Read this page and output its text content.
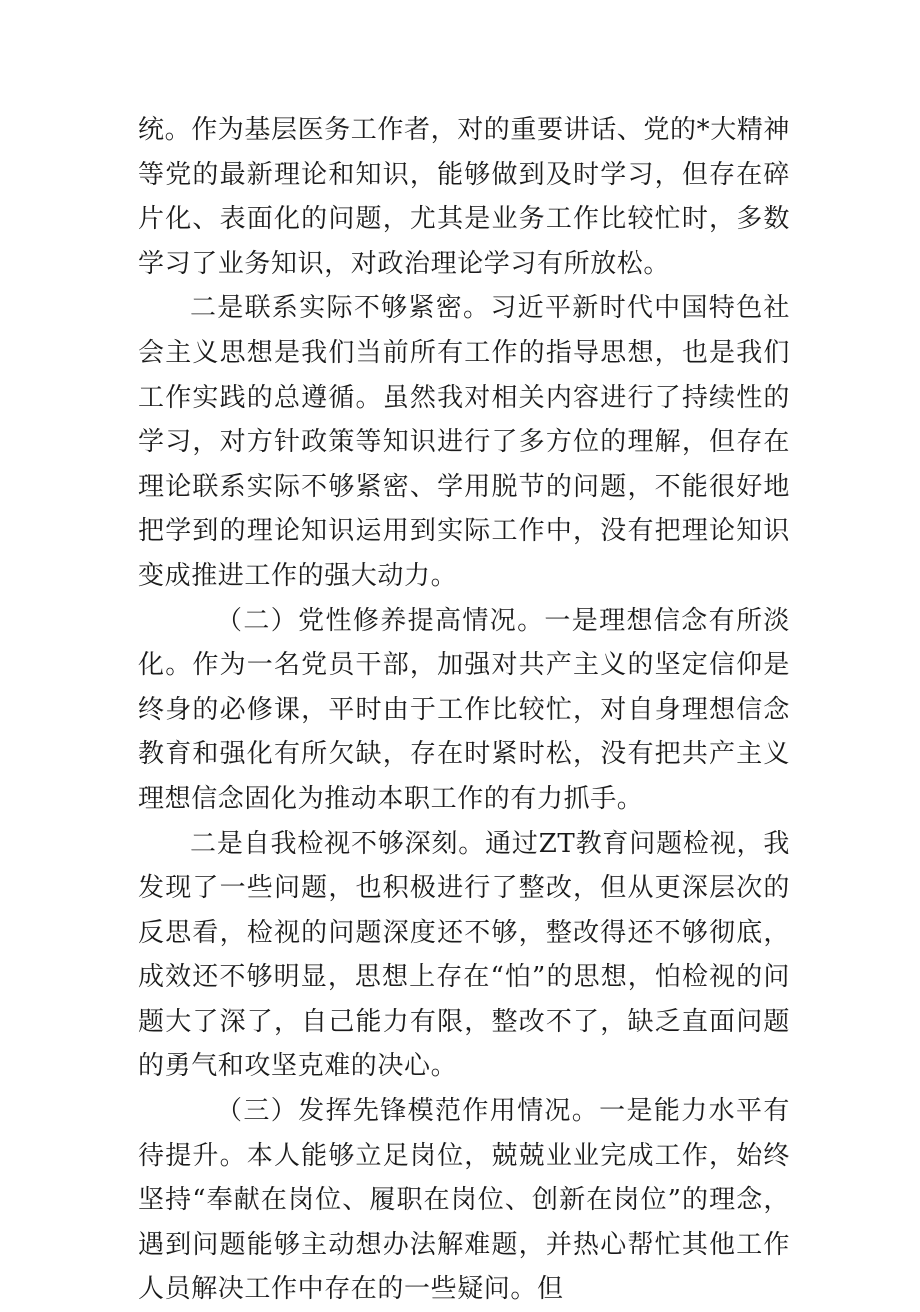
统。作为基层医务工作者，对的重要讲话、党的*大精神等党的最新理论和知识，能够做到及时学习，但存在碎片化、表面化的问题，尤其是业务工作比较忙时，多数学习了业务知识，对政治理论学习有所放松。

二是联系实际不够紧密。习近平新时代中国特色社会主义思想是我们当前所有工作的指导思想，也是我们工作实践的总遵循。虽然我对相关内容进行了持续性的学习，对方针政策等知识进行了多方位的理解，但存在理论联系实际不够紧密、学用脱节的问题，不能很好地把学到的理论知识运用到实际工作中，没有把理论知识变成推进工作的强大动力。

（二）党性修养提高情况。一是理想信念有所淡化。作为一名党员干部，加强对共产主义的坚定信仰是终身的必修课，平时由于工作比较忙，对自身理想信念教育和强化有所欠缺，存在时紧时松，没有把共产主义理想信念固化为推动本职工作的有力抓手。

二是自我检视不够深刻。通过ZT教育问题检视，我发现了一些问题，也积极进行了整改，但从更深层次的反思看，检视的问题深度还不够，整改得还不够彻底，成效还不够明显，思想上存在“怕”的思想，怕检视的问题大了深了，自己能力有限，整改不了，缺乏直面问题的勇气和攻坚克难的决心。

（三）发挥先锋模范作用情况。一是能力水平有待提升。本人能够立足岗位，兢兢业业完成工作，始终坚持“奉献在岗位、履职在岗位、创新在岗位”的理念，遇到问题能够主动想办法解难题，并热心帮忙其他工作人员解决工作中存在的一些疑问。但
